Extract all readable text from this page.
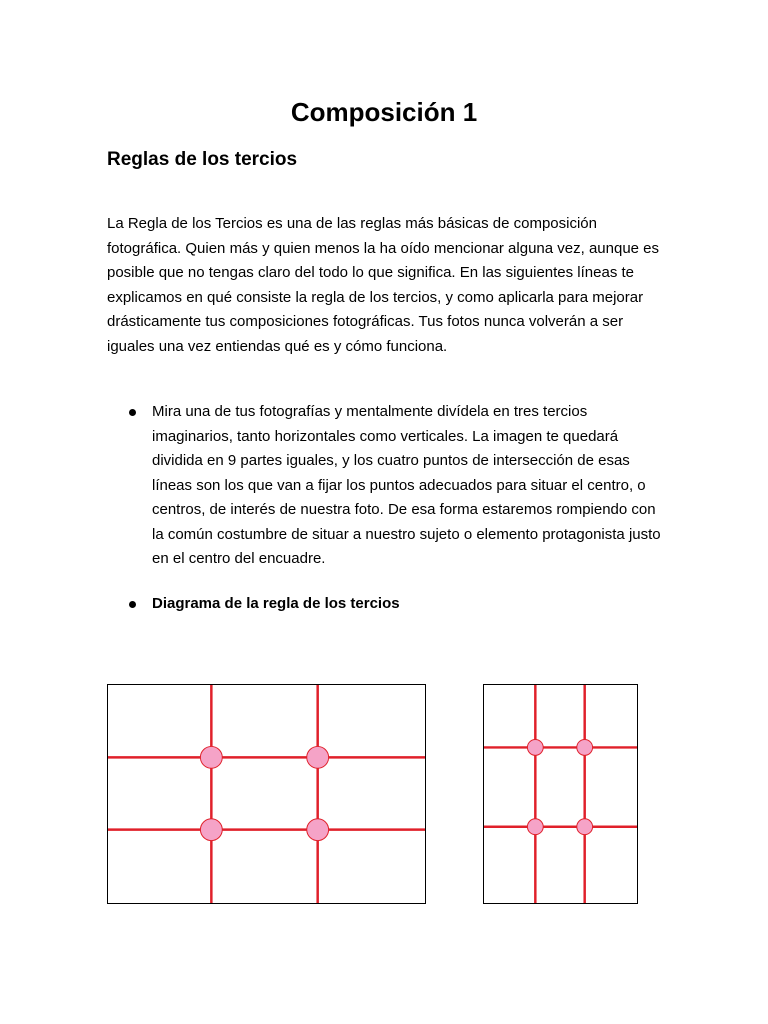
Composición 1
Reglas de los tercios
La Regla de los Tercios es una de las reglas más básicas de composición fotográfica. Quien más y quien menos la ha oído mencionar alguna vez, aunque es posible que no tengas claro del todo lo que significa. En las siguientes líneas te explicamos en qué consiste la regla de los tercios, y como aplicarla para mejorar drásticamente tus composiciones fotográficas. Tus fotos nunca volverán a ser iguales una vez entiendas qué es y cómo funciona.
Mira una de tus fotografías y mentalmente divídela en tres tercios imaginarios, tanto horizontales como verticales. La imagen te quedará dividida en 9 partes iguales, y los cuatro puntos de intersección de esas líneas son los que van a fijar los puntos adecuados para situar el centro, o centros, de interés de nuestra foto. De esa forma estaremos rompiendo con la común costumbre de situar a nuestro sujeto o elemento protagonista justo en el centro del encuadre.
Diagrama de la regla de los tercios
